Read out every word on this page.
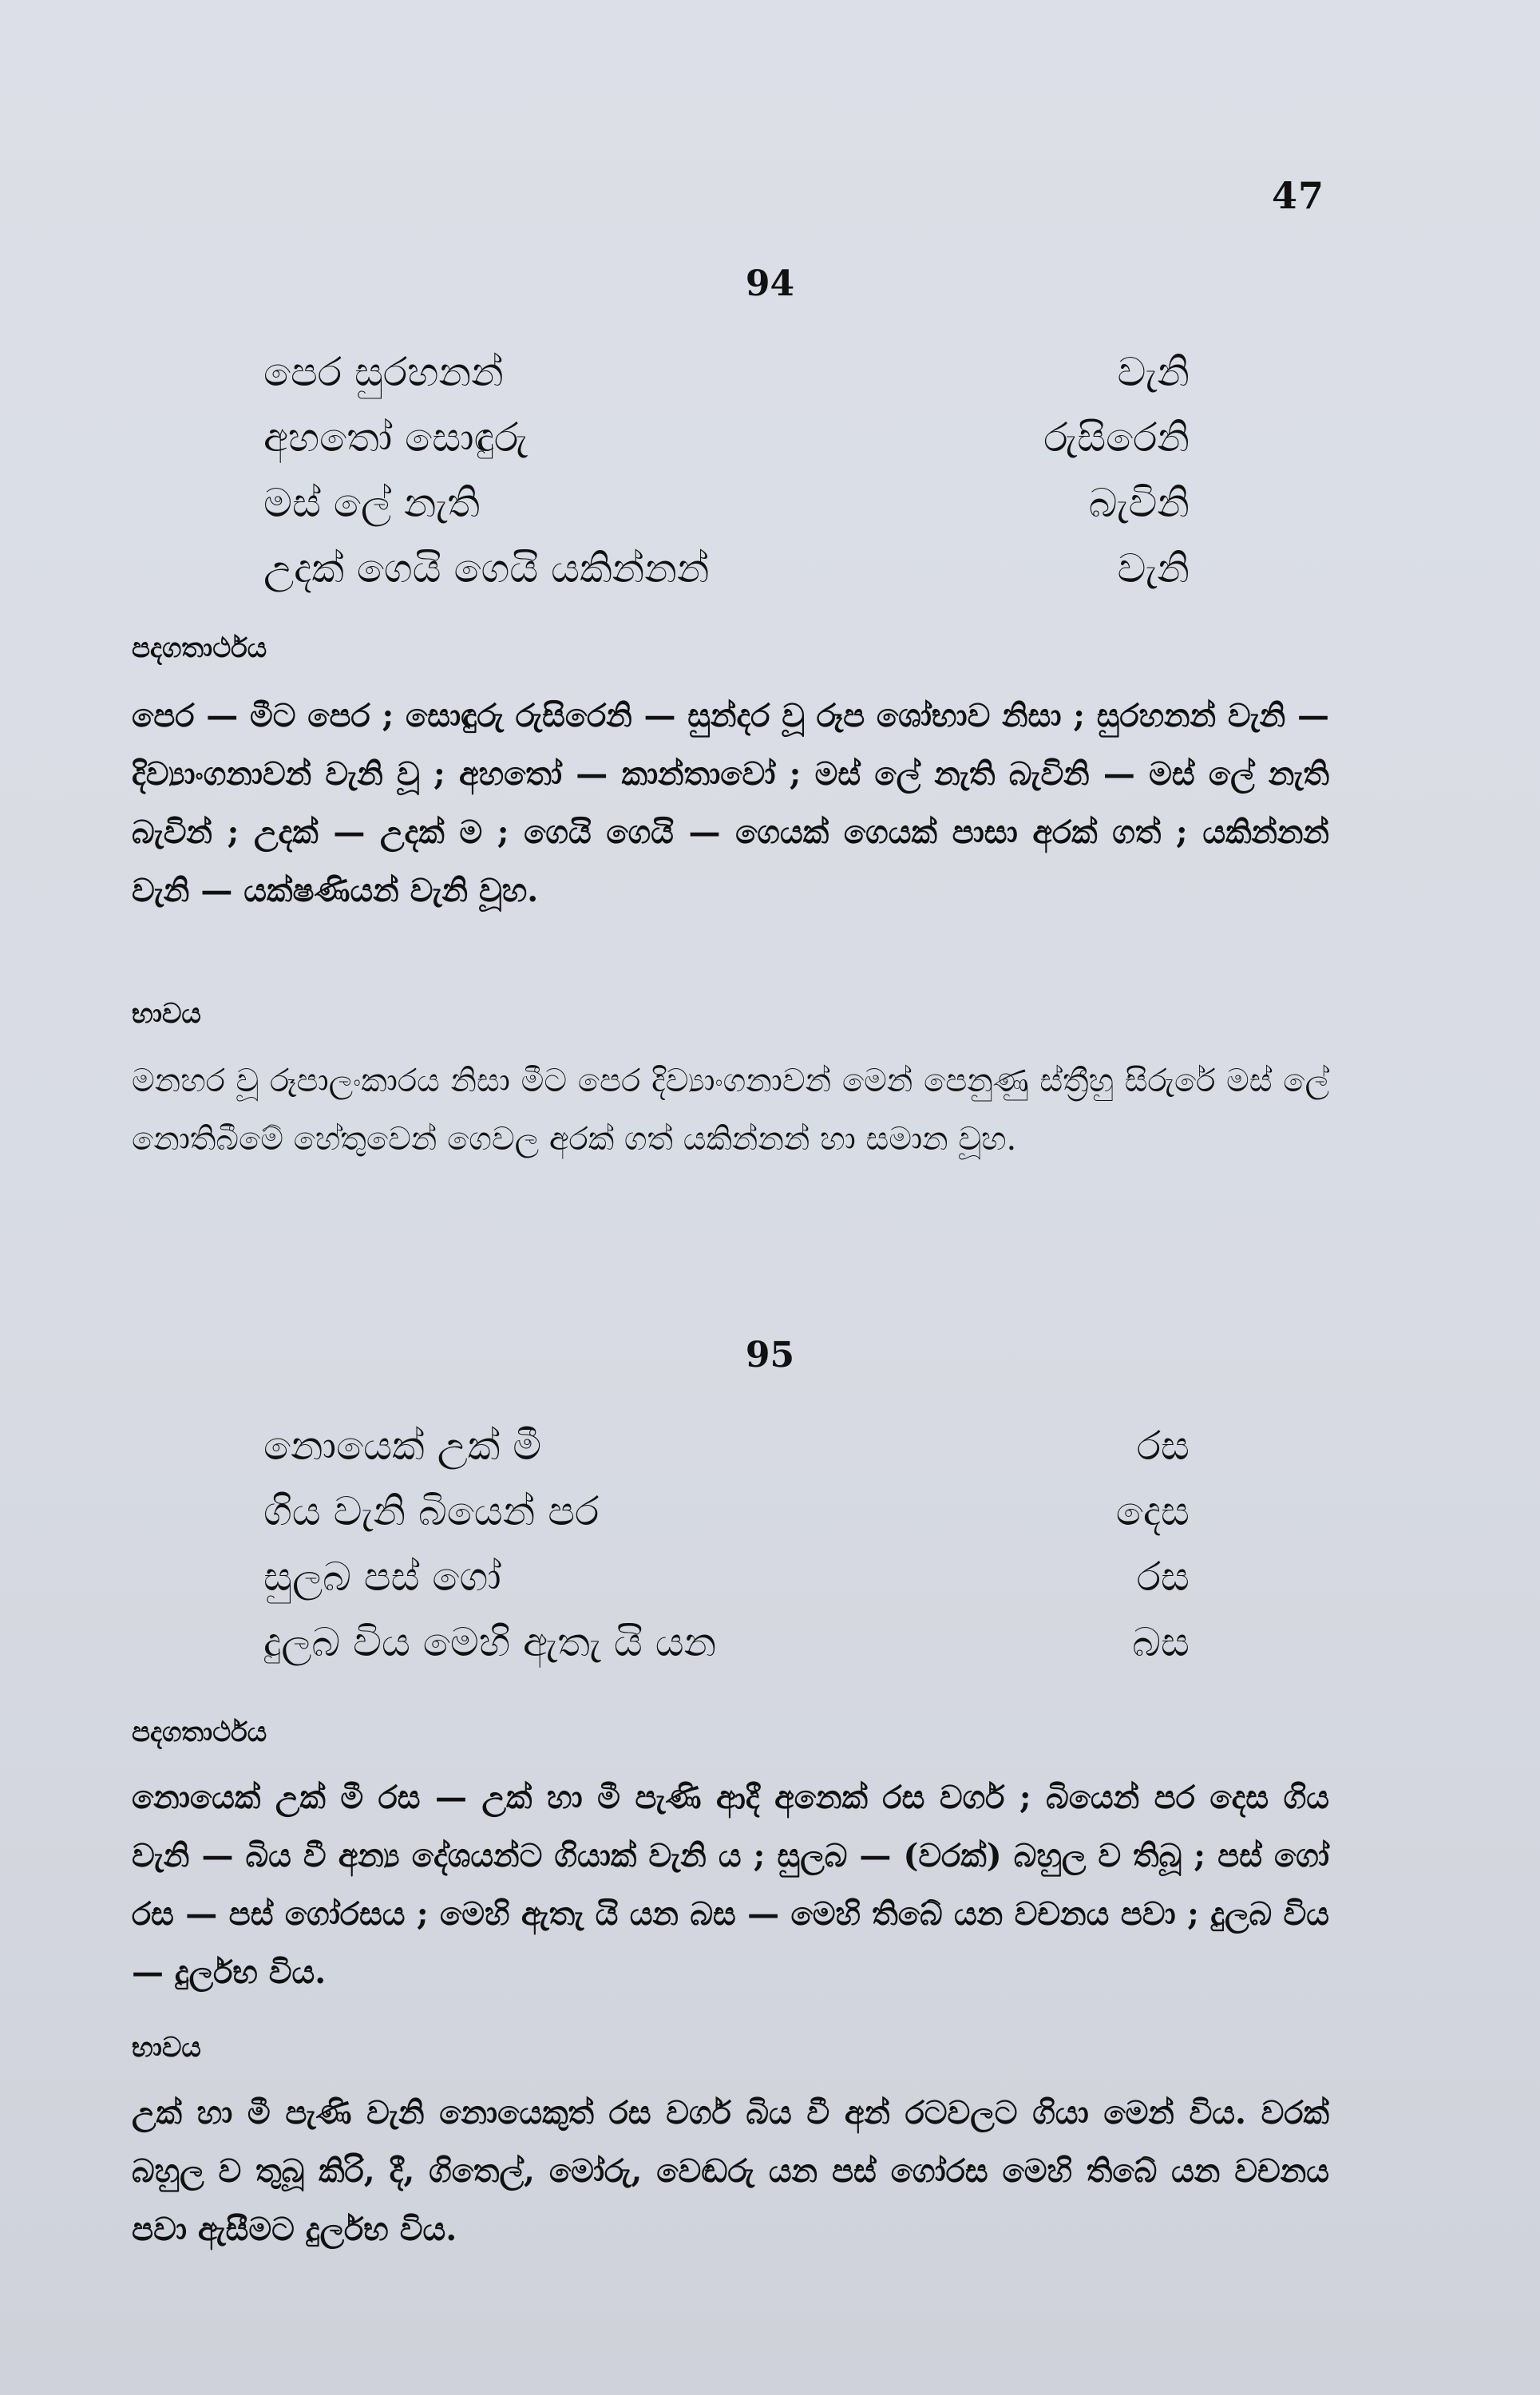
47
94
පෙර සුරහනන්	වැනි
අහතෝ සොඳුරු	රුසිරෙනි
මස් ලේ නැති	බැවිනි
උදක් ගෙයි ගෙයි යකින්නන්	වැනි
පදගතාර්ථය
පෙර — මීට පෙර ; සොඳුරු රුසිරෙනි — සුන්දර වූ රූප ශෝභාව නිසා ; සුරහනන් වැනි — දිව්‍යාංගනාවන් වැනි වූ ; අහතෝ — කාන්තාවෝ ; මස් ලේ නැති බැවිනි — මස් ලේ නැති බැවින් ; උදක් — උදක් ම ; ගෙයි ගෙයි — ගෙයක් ගෙයක් පාසා අරක් ගත් ; යකින්නන් වැනි — යක්ෂණියන් වැනි වූහ.
භාවය
මනහර වූ රූපාලංකාරය නිසා මීට පෙර දිව්‍යාංගනාවන් මෙන් පෙනුණු ස්ත්‍රීහු සිරුරේ මස් ලේ නොතිබීමේ හේතුවෙන් ගෙවල අරක් ගත් යකින්නන් හා සමාන වූහ.
95
නොයෙක් උක් මී	රස
ගිය වැනි බියෙන් පර	දෙස
සුලබ පස් ගෝ	රස
දුලබ විය මෙහි ඇතැ යි යන	බස
පදගතාර්ථය
නොයෙක් උක් මී රස — උක් හා මී පැණි ආදී අනෙක් රස වර්ග ; බියෙන් පර දෙස ගිය වැනි — බිය වී අන්‍ය දේශයන්ට ගියාක් වැනි ය ; සුලබ — (වරක්) බහුල ව තිබූ ; පස් ගෝ රස — පස් ගෝරසය ; මෙහි ඇතැ යි යන බස — මෙහි තිබේ යන වචනය පවා ; දුලබ විය — දුර්ලභ විය.
භාවය
උක් හා මී පැණි වැනි නොයෙකුත් රස වර්ග බිය වී අන් රටවලට ගියා මෙන් විය. වරක් බහුල ව තුබූ කිරි, දී, ගිතෙල්, මෝරු, වෙඬරු යන පස් ගෝරස මෙහි තිබේ යන වචනය පවා ඇසීමට දුර්ලභ විය.
